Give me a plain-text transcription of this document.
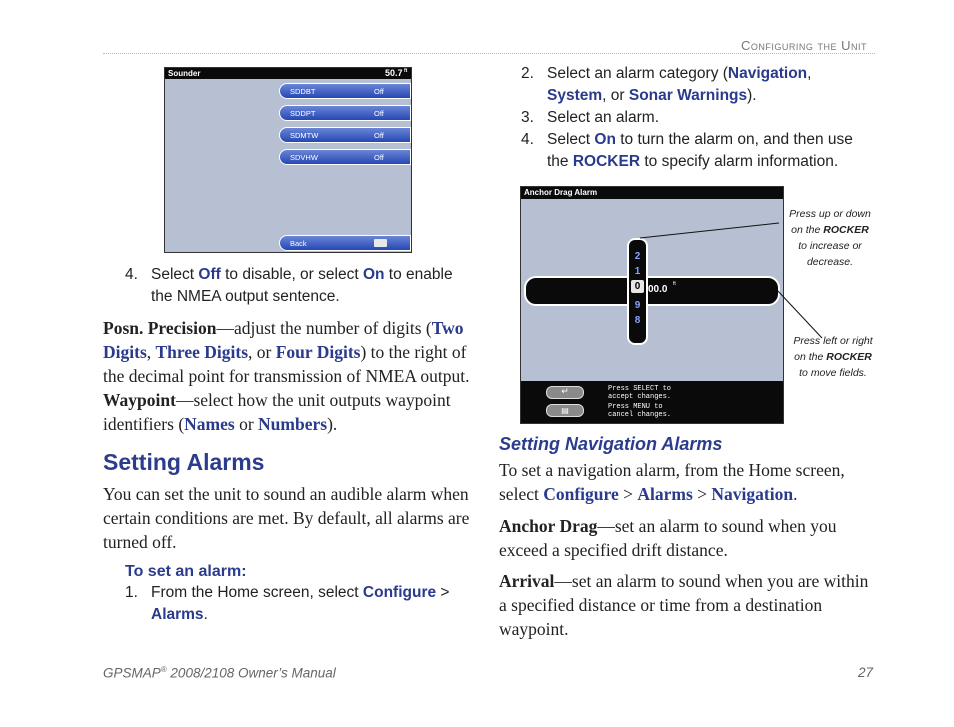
Configuring the Unit
Sounder	50.7 ft
SDDBT	Off
SDDPT	Off
SDMTW	Off
SDVHW	Off
Back
4. Select Off to disable, or select On to enable
the NMEA output sentence.
Posn. Precision—adjust the number of digits (Two
Digits, Three Digits, or Four Digits) to the right of
the decimal point for transmission of NMEA output.
Waypoint—select how the unit outputs waypoint
identifiers (Names or Numbers).
Setting Alarms
You can set the unit to sound an audible alarm when
certain conditions are met. By default, all alarms are
turned off.
To set an alarm:
1. From the Home screen, select Configure >
Alarms.
2. Select an alarm category (Navigation,
System, or Sonar Warnings).
3. Select an alarm.
4. Select On to turn the alarm on, and then use
the ROCKER to specify alarm information.
Anchor Drag Alarm
00.0 ft
2
1
0
9
8
↵
▤
Press SELECT to
accept changes.
Press MENU to
cancel changes.
Press up or down
on the ROCKER
to increase or
decrease.
Press left or right
on the ROCKER
to move fields.
Setting Navigation Alarms
To set a navigation alarm, from the Home screen,
select Configure > Alarms > Navigation.
Anchor Drag—set an alarm to sound when you
exceed a specified drift distance.
Arrival—set an alarm to sound when you are within
a specified distance or time from a destination
waypoint.
GPSMAP® 2008/2108 Owner’s Manual	27
